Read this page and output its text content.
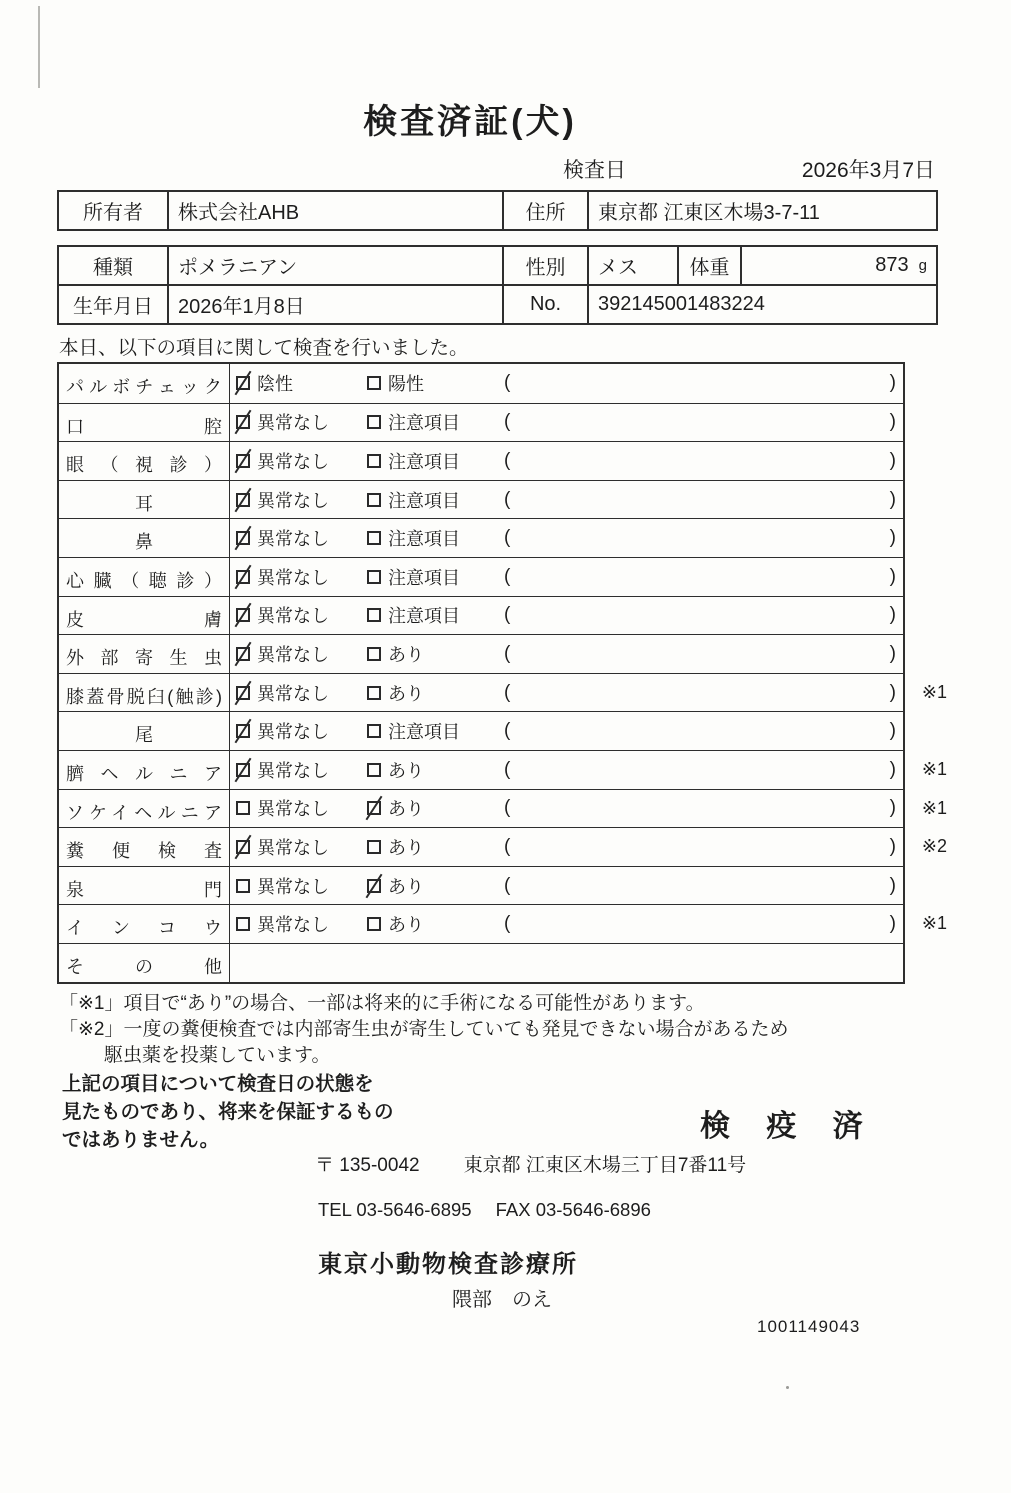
検査済証(犬)
検査日	2026年3月7日
所有者	株式会社AHB	住所	東京都 江東区木場3-7-11
種類	ポメラニアン	性別	メス	体重	873 g
生年月日	2026年1月8日	No.	392145001483224
本日、以下の項目に関して検査を行いました。
パルボチェック	陰性	陽性	(	)
口腔	異常なし	注意項目 (	)
眼（視診）	異常なし	注意項目 (	)
耳	異常なし	注意項目 (	)
鼻	異常なし	注意項目 (	)
心臓（聴診）	異常なし	注意項目 (	)
皮膚	異常なし	注意項目 (	)
外部寄生虫	異常なし	あり	(	)
膝蓋骨脱臼(触診)	異常なし	あり	(	) ※1
尾	異常なし	注意項目 (	)
臍ヘルニア	異常なし	あり	(	) ※1
ソケイヘルニア	異常なし	あり	(	) ※1
糞便検査	異常なし	あり	(	) ※2
泉門	異常なし	あり	(	)
インコウ	異常なし	あり	(	) ※1
その他
「※1」項目で“あり”の場合、一部は将来的に手術になる可能性があります。
「※2」一度の糞便検査では内部寄生虫が寄生していても発見できない場合があるため
駆虫薬を投薬しています。
上記の項目について検査日の状態を
見たものであり、将来を保証するもの
ではありません。	検 疫 済
〒 135-0042 東京都 江東区木場三丁目7番11号
TEL 03-5646-6895 FAX 03-5646-6896
東京小動物検査診療所
隈部　のえ
1001149043
